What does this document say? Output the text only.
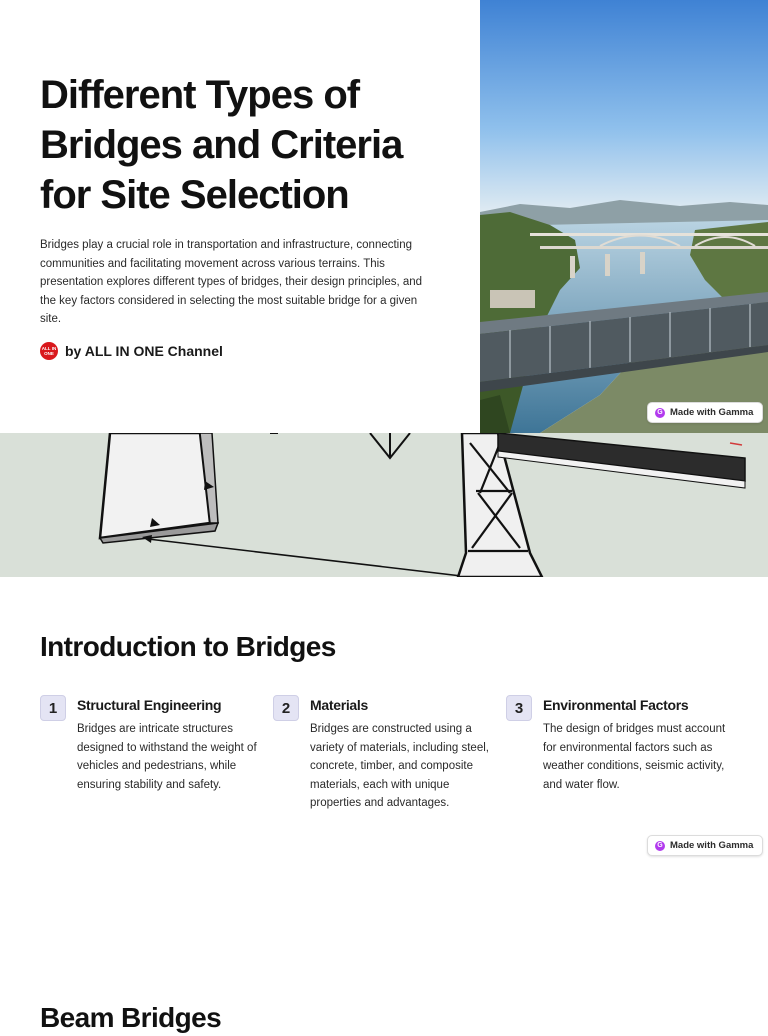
Different Types of Bridges and Criteria for Site Selection

Bridges play a crucial role in transportation and infrastructure, connecting communities and facilitating movement across various terrains. This presentation explores different types of bridges, their design principles, and the key factors considered in selecting the most suitable bridge for a given site.

ALL IN
ONE by ALL IN ONE Channel
G Made with Gamma
Introduction to Bridges
1	Structural Engineering

Bridges are intricate structures designed to withstand the weight of vehicles and pedestrians, while ensuring stability and safety.

2	Materials

Bridges are constructed using a variety of materials, including steel, concrete, timber, and composite materials, each with unique properties and advantages.

3	Environmental Factors

The design of bridges must account for environmental factors such as weather conditions, seismic activity, and water flow.

G Made with Gamma
Beam Bridges
